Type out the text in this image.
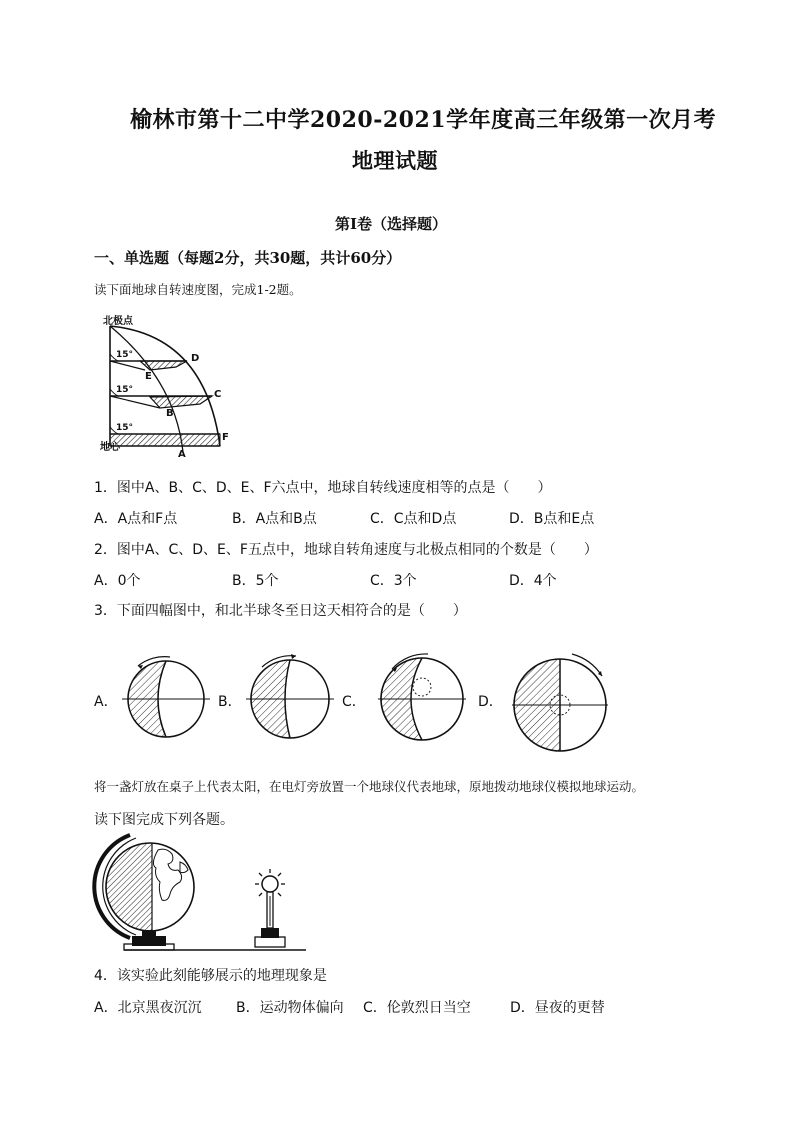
榆林市第十二中学2020-2021学年度高三年级第一次月考
地理试题
第Ⅰ卷（选择题）
一、单选题（每题2分，共30题，共计60分）
读下面地球自转速度图，完成1-2题。
北极点
地心
15°
15°
15°
D
E
C
B
F
A
1．图中A、B、C、D、E、F六点中，地球自转线速度相等的点是（　　）
A．A点和F点	B．A点和B点	C．C点和D点	D．B点和E点
2．图中A、C、D、E、F五点中，地球自转角速度与北极点相同的个数是（　　）
A．0个	B．5个	C．3个	D．4个
3．下面四幅图中，和北半球冬至日这天相符合的是（　　）
A．	B．	C．	D．
将一盏灯放在桌子上代表太阳，在电灯旁放置一个地球仪代表地球，原地拨动地球仪模拟地球运动。
读下图完成下列各题。
4．该实验此刻能够展示的地理现象是
A．北京黑夜沉沉 B．运动物体偏向 C．伦敦烈日当空	D．昼夜的更替
